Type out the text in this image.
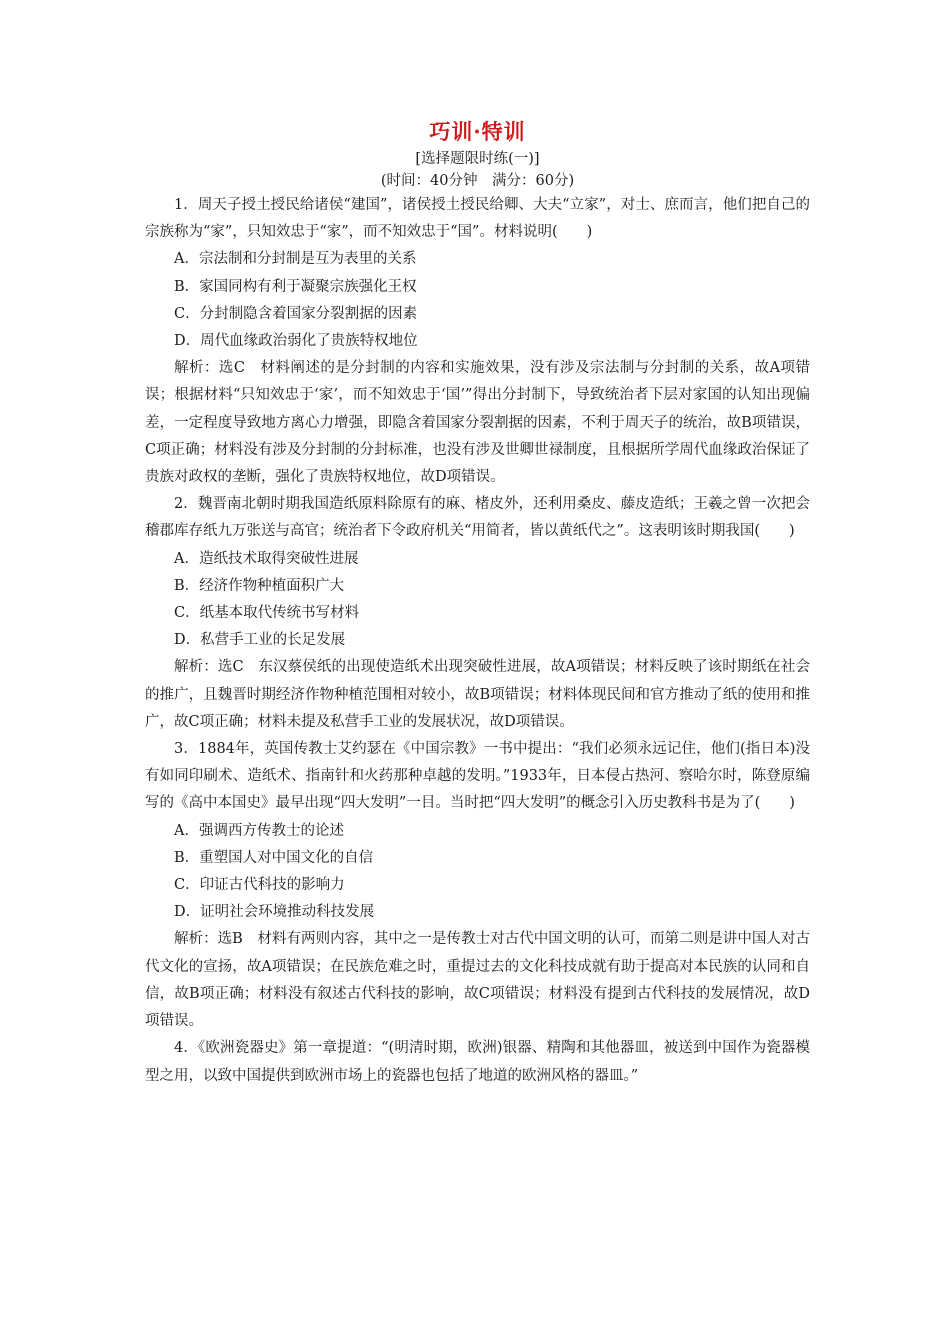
巧训·特训
[选择题限时练(一)]
(时间：40分钟　满分：60分)

1．周天子授土授民给诸侯“建国”，诸侯授土授民给卿、大夫“立家”，对士、庶而言，他们把自己的宗族称为“家”，只知效忠于“家”，而不知效忠于“国”。材料说明(　　)

A．宗法制和分封制是互为表里的关系

B．家国同构有利于凝聚宗族强化王权

C．分封制隐含着国家分裂割据的因素

D．周代血缘政治弱化了贵族特权地位

解析：选C　材料阐述的是分封制的内容和实施效果，没有涉及宗法制与分封制的关系，故A项错误；根据材料“只知效忠于‘家’，而不知效忠于‘国’”得出分封制下，导致统治者下层对家国的认知出现偏差，一定程度导致地方离心力增强，即隐含着国家分裂割据的因素，不利于周天子的统治，故B项错误，C项正确；材料没有涉及分封制的分封标准，也没有涉及世卿世禄制度，且根据所学周代血缘政治保证了贵族对政权的垄断，强化了贵族特权地位，故D项错误。

2．魏晋南北朝时期我国造纸原料除原有的麻、楮皮外，还利用桑皮、藤皮造纸；王羲之曾一次把会稽郡库存纸九万张送与高官；统治者下令政府机关“用简者，皆以黄纸代之”。这表明该时期我国(　　)

A．造纸技术取得突破性进展

B．经济作物种植面积广大

C．纸基本取代传统书写材料

D．私营手工业的长足发展

解析：选C　东汉蔡侯纸的出现使造纸术出现突破性进展，故A项错误；材料反映了该时期纸在社会的推广，且魏晋时期经济作物种植范围相对较小，故B项错误；材料体现民间和官方推动了纸的使用和推广，故C项正确；材料未提及私营手工业的发展状况，故D项错误。

3．1884年，英国传教士艾约瑟在《中国宗教》一书中提出：“我们必须永远记住，他们(指日本)没有如同印刷术、造纸术、指南针和火药那种卓越的发明。”1933年，日本侵占热河、察哈尔时，陈登原编写的《高中本国史》最早出现“四大发明”一目。当时把“四大发明”的概念引入历史教科书是为了(　　)

A．强调西方传教士的论述

B．重塑国人对中国文化的自信

C．印证古代科技的影响力

D．证明社会环境推动科技发展

解析：选B　材料有两则内容，其中之一是传教士对古代中国文明的认可，而第二则是讲中国人对古代文化的宣扬，故A项错误；在民族危难之时，重提过去的文化科技成就有助于提高对本民族的认同和自信，故B项正确；材料没有叙述古代科技的影响，故C项错误；材料没有提到古代科技的发展情况，故D项错误。

4．《欧洲瓷器史》第一章提道：“(明清时期，欧洲)银器、精陶和其他器皿，被送到中国作为瓷器模型之用，以致中国提供到欧洲市场上的瓷器也包括了地道的欧洲风格的器皿。”
